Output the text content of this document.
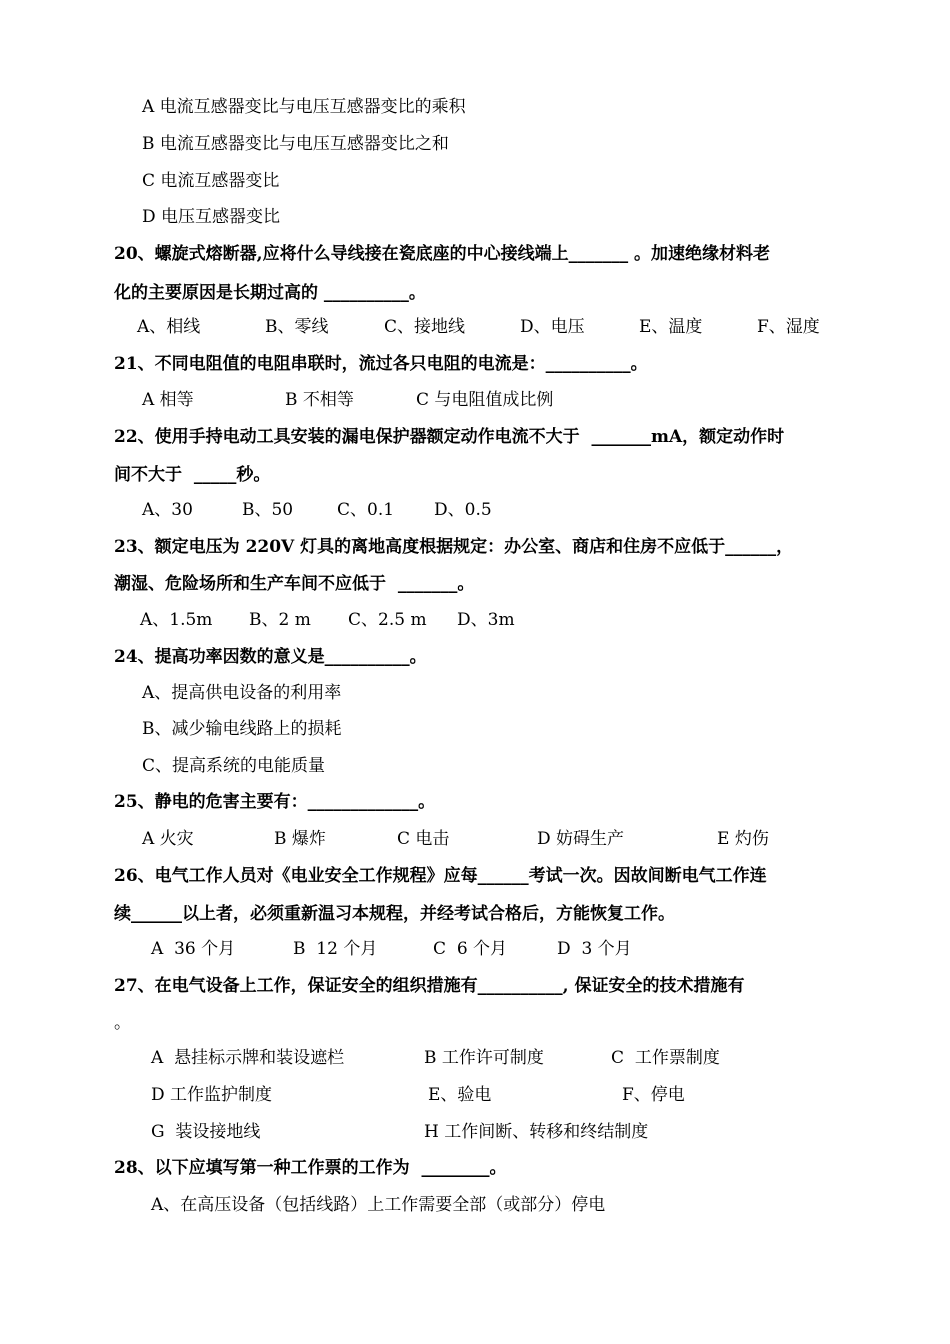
A 电流互感器变比与电压互感器变比的乘积
B 电流互感器变比与电压互感器变比之和
C 电流互感器变比
D 电压互感器变比
20、螺旋式熔断器,应将什么导线接在瓷底座的中心接线端上_______ 。加速绝缘材料老
化的主要原因是长期过高的 __________。
A、相线	B、零线	C、接地线	D、电压	E、温度	F、湿度
21、不同电阻值的电阻串联时，流过各只电阻的电流是：__________。
A 相等	B 不相等	C 与电阻值成比例
22、使用手持电动工具安装的漏电保护器额定动作电流不大于  _______mA，额定动作时
间不大于  _____秒。
A、30	B、50	C、0.1 D、0.5
23、额定电压为 220V 灯具的离地高度根据规定：办公室、商店和住房不应低于______，
潮湿、危险场所和生产车间不应低于  _______。
A、1.5m B、2 m C、2.5 m D、3m
24、提高功率因数的意义是__________。
A、提高供电设备的利用率
B、减少输电线路上的损耗
C、提高系统的电能质量
25、静电的危害主要有：_____________。
A 火灾	B 爆炸	C 电击	D 妨碍生产	E 灼伤
26、电气工作人员对《电业安全工作规程》应每______考试一次。因故间断电气工作连
续______以上者，必须重新温习本规程，并经考试合格后，方能恢复工作。
A  36 个月	B  12 个月	C  6 个月	D  3 个月
27、在电气设备上工作，保证安全的组织措施有__________, 保证安全的技术措施有
。
A  悬挂标示牌和装设遮栏	B 工作许可制度	C  工作票制度
D 工作监护制度	E、验电	F、停电
G  装设接地线	H 工作间断、转移和终结制度
28、以下应填写第一种工作票的工作为  ________。
A、在高压设备（包括线路）上工作需要全部（或部分）停电
